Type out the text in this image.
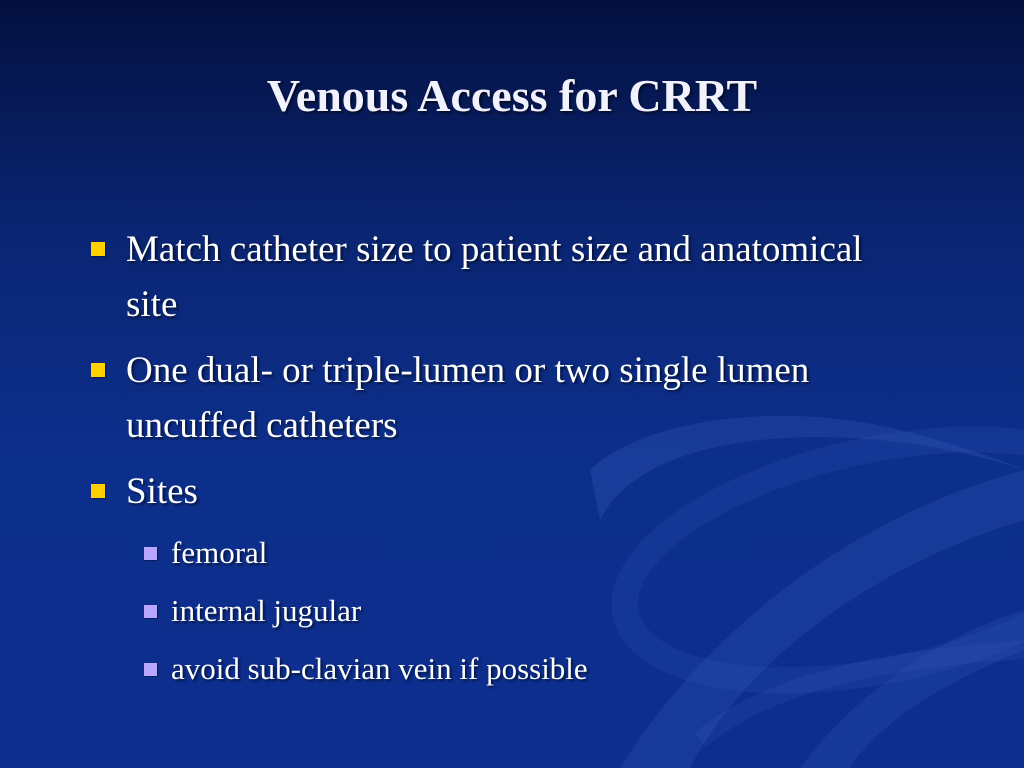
Venous Access for CRRT
Match catheter size to patient size and anatomical site
One dual- or triple-lumen or two single lumen uncuffed catheters
Sites
femoral
internal jugular
avoid sub-clavian vein if possible
